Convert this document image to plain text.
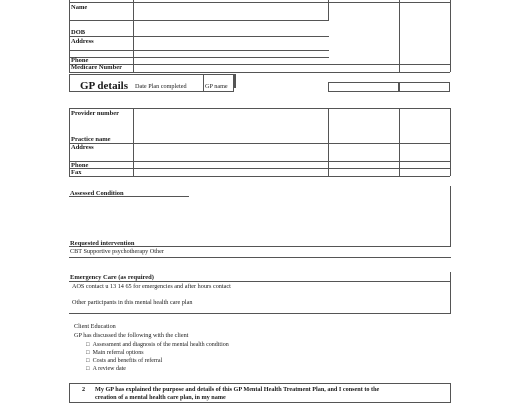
Name
DOB
Address
Phone
Medicare Number
GP details Date Plan completed	GP name
Provider number
Practice name
Address
Phone
Fax
Assessed Condition
Requested intervention
CBT Supportive psychotherapy Other
Emergency Care (as required)
AOS contact u 13 14 65 for emergencies and after hours contact
Other participants in this mental health care plan
Client Education
GP has discussed the following with the client
□  Assessment and diagnosis of the mental health condition
□  Main referral options
□  Costs and benefits of referral
□  A review date
2 My GP has explained the purpose and details of this GP Mental Health Treatment Plan, and I consent to the
creation of a mental health care plan, in my name
